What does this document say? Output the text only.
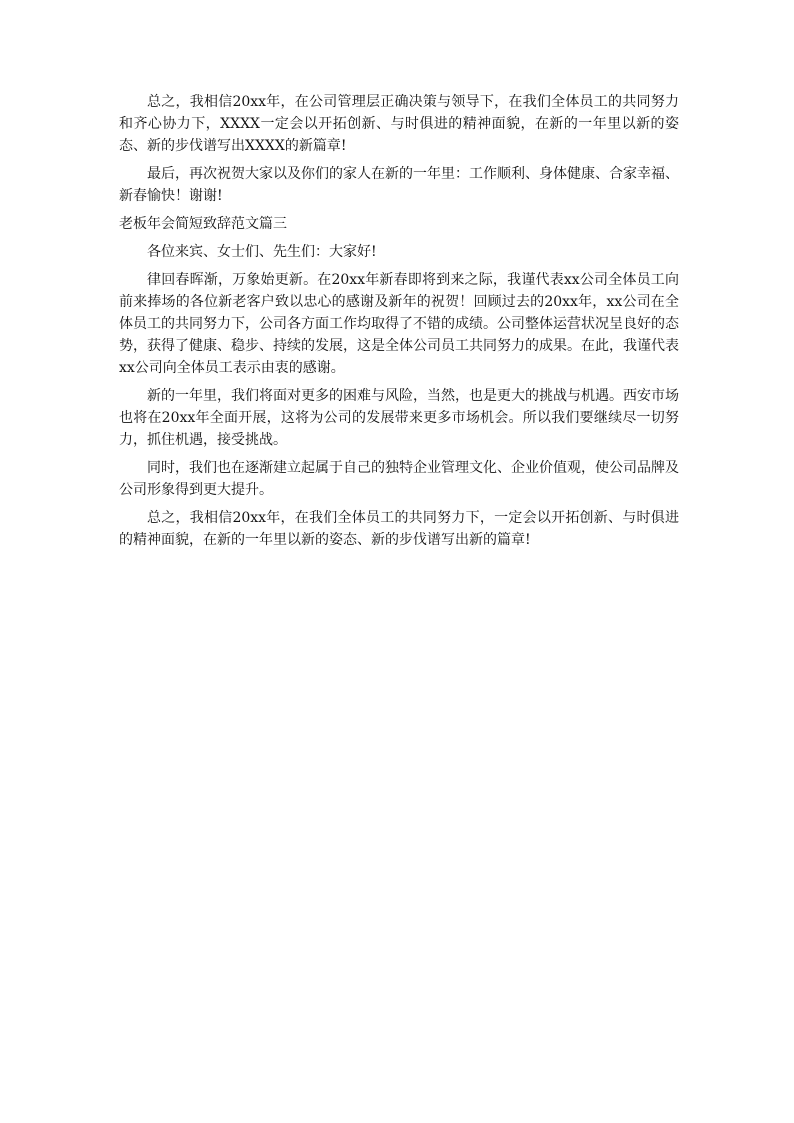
总之，我相信20xx年，在公司管理层正确决策与领导下，在我们全体员工的共同努力和齐心协力下，XXXX一定会以开拓创新、与时俱进的精神面貌，在新的一年里以新的姿态、新的步伐谱写出XXXX的新篇章!

最后，再次祝贺大家以及你们的家人在新的一年里：工作顺利、身体健康、合家幸福、新春愉快！谢谢!

老板年会简短致辞范文篇三

各位来宾、女士们、先生们：大家好!

律回春晖渐，万象始更新。在20xx年新春即将到来之际，我谨代表xx公司全体员工向前来捧场的各位新老客户致以忠心的感谢及新年的祝贺！回顾过去的20xx年，xx公司在全体员工的共同努力下，公司各方面工作均取得了不错的成绩。公司整体运营状况呈良好的态势，获得了健康、稳步、持续的发展，这是全体公司员工共同努力的成果。在此，我谨代表xx公司向全体员工表示由衷的感谢。

新的一年里，我们将面对更多的困难与风险，当然，也是更大的挑战与机遇。西安市场也将在20xx年全面开展，这将为公司的发展带来更多市场机会。所以我们要继续尽一切努力，抓住机遇，接受挑战。

同时，我们也在逐渐建立起属于自己的独特企业管理文化、企业价值观，使公司品牌及公司形象得到更大提升。

总之，我相信20xx年，在我们全体员工的共同努力下，一定会以开拓创新、与时俱进的精神面貌，在新的一年里以新的姿态、新的步伐谱写出新的篇章!
